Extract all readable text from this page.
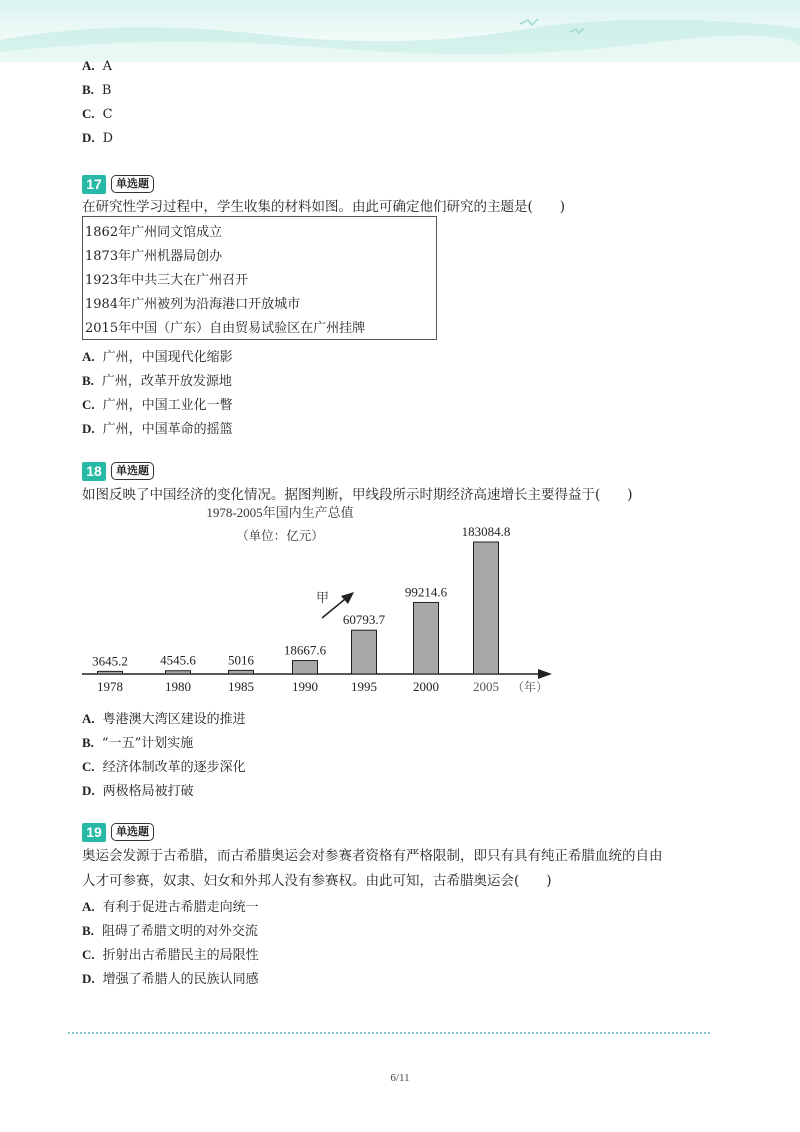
A. A
B. B
C. C
D. D
17	单选题
在研究性学习过程中，学生收集的材料如图。由此可确定他们研究的主题是(　　)
1862年广州同文馆成立
1873年广州机器局创办
1923年中共三大在广州召开
1984年广州被列为沿海港口开放城市
2015年中国（广东）自由贸易试验区在广州挂牌
A. 广州，中国现代化缩影
B. 广州，改革开放发源地
C. 广州，中国工业化一瞥
D. 广州，中国革命的摇篮
18	单选题
如图反映了中国经济的变化情况。据图判断，甲线段所示时期经济高速增长主要得益于(　　)
1978-2005年国内生产总值
（单位：亿元）
3645.2
1978
4545.6
1980
5016
1985
18667.6
1990
60793.7
1995
99214.6
2000
183084.8
2005 （年）
甲
A. 粤港澳大湾区建设的推进
B. “一五”计划实施
C. 经济体制改革的逐步深化
D. 两极格局被打破
19	单选题
奥运会发源于古希腊，而古希腊奥运会对参赛者资格有严格限制，即只有具有纯正希腊血统的自由
人才可参赛，奴隶、妇女和外邦人没有参赛权。由此可知，古希腊奥运会(　　)
A. 有利于促进古希腊走向统一
B. 阻碍了希腊文明的对外交流
C. 折射出古希腊民主的局限性
D. 增强了希腊人的民族认同感
6/11
